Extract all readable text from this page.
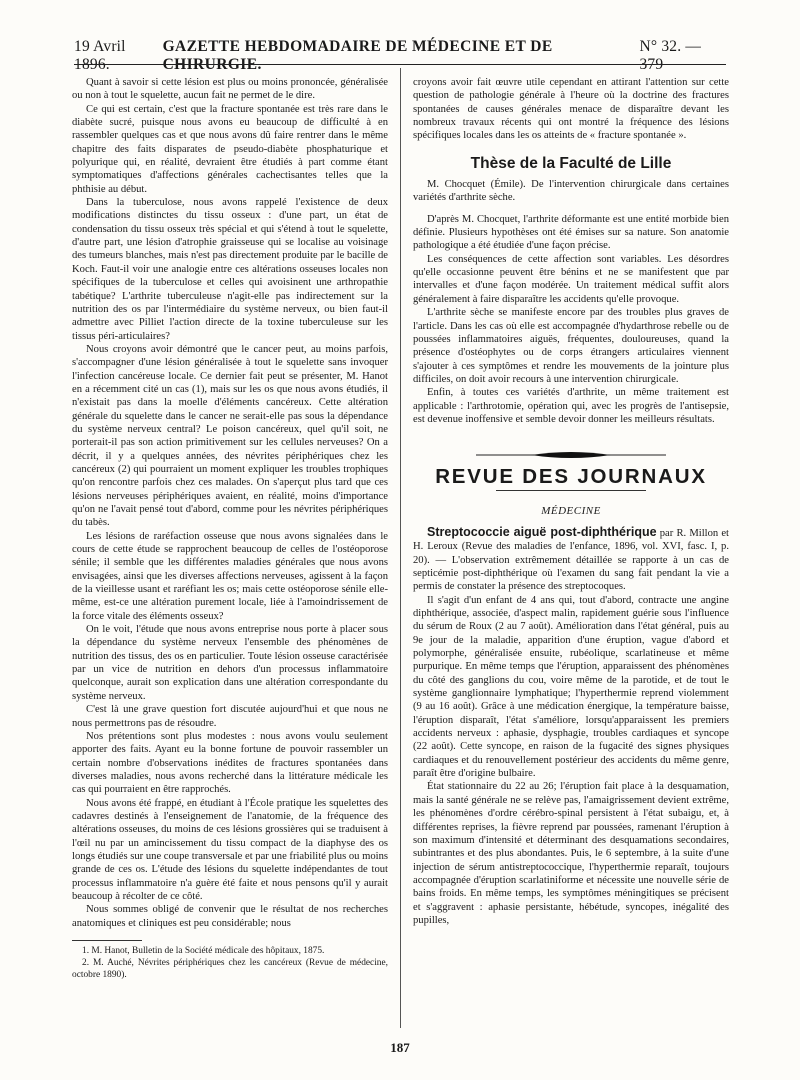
19 Avril 1896.
GAZETTE HEBDOMADAIRE DE MÉDECINE ET DE CHIRURGIE.
N° 32. — 379

Quant à savoir si cette lésion est plus ou moins prononcée, généralisée ou non à tout le squelette, aucun fait ne permet de le dire.

Ce qui est certain, c'est que la fracture spontanée est très rare dans le diabète sucré, puisque nous avons eu beaucoup de difficulté à en rassembler quelques cas et que nous avons dû faire rentrer dans le même chapitre des faits disparates de pseudo-diabète phosphaturique et polyurique qui, en réalité, devraient être étudiés à part comme étant symptomatiques d'affections générales cachectisantes telles que la phthisie au début.

Dans la tuberculose, nous avons rappelé l'existence de deux modifications distinctes du tissu osseux : d'une part, un état de condensation du tissu osseux très spécial et qui s'étend à tout le squelette, d'autre part, une lésion d'atrophie graisseuse qui se localise au voisinage des tumeurs blanches, mais n'est pas directement produite par le bacille de Koch. Faut-il voir une analogie entre ces altérations osseuses locales non spécifiques de la tuberculose et celles qui avoisinent une arthropathie tabétique? L'arthrite tuberculeuse n'agit-elle pas indirectement sur la nutrition des os par l'intermédiaire du système nerveux, ou bien faut-il admettre avec Pilliet l'action directe de la toxine tuberculeuse sur les tissus péri-articulaires?

Nous croyons avoir démontré que le cancer peut, au moins parfois, s'accompagner d'une lésion généralisée à tout le squelette sans invoquer l'infection cancéreuse locale. Ce dernier fait peut se présenter, M. Hanot en a récemment cité un cas (1), mais sur les os que nous avons étudiés, il n'existait pas dans la moelle d'éléments cancéreux. Cette altération générale du squelette dans le cancer ne serait-elle pas sous la dépendance du système nerveux central? Le poison cancéreux, quel qu'il soit, ne porterait-il pas son action primitivement sur les cellules nerveuses? On a décrit, il y a quelques années, des névrites périphériques chez les cancéreux (2) qui pourraient un moment expliquer les troubles trophiques qu'on rencontre parfois chez ces malades. On s'aperçut plus tard que ces lésions nerveuses périphériques avaient, en réalité, moins d'importance qu'on ne l'avait pensé tout d'abord, comme pour les névrites périphériques du tabès.

Les lésions de raréfaction osseuse que nous avons signalées dans le cours de cette étude se rapprochent beaucoup de celles de l'ostéoporose sénile; il semble que les différentes maladies générales que nous avons envisagées, ainsi que les diverses affections nerveuses, agissent à la façon de la vieillesse usant et raréfiant les os; mais cette ostéoporose sénile elle-même, est-ce une altération purement locale, liée à l'amoindrissement de la force vitale des éléments osseux?

On le voit, l'étude que nous avons entreprise nous porte à placer sous la dépendance du système nerveux l'ensemble des phénomènes de nutrition des tissus, des os en particulier. Toute lésion osseuse caractérisée par un vice de nutrition en dehors d'un processus inflammatoire quelconque, aurait son explication dans une altération correspondante du système nerveux.

C'est là une grave question fort discutée aujourd'hui et que nous ne nous permettrons pas de résoudre.

Nos prétentions sont plus modestes : nous avons voulu seulement apporter des faits. Ayant eu la bonne fortune de pouvoir rassembler un certain nombre d'observations inédites de fractures spontanées dans diverses maladies, nous avons recherché dans la littérature médicale les cas qui pourraient en être rapprochés.

Nous avons été frappé, en étudiant à l'École pratique les squelettes des cadavres destinés à l'enseignement de l'anatomie, de la fréquence des altérations osseuses, du moins de ces lésions grossières qui se traduisent à l'œil nu par un amincissement du tissu compact de la diaphyse des os longs étudiés sur une coupe transversale et par une friabilité plus ou moins grande de ces os. L'étude des lésions du squelette indépendantes de tout processus inflammatoire n'a guère été faite et nous pensons qu'il y aurait beaucoup à récolter de ce côté.

Nous sommes obligé de convenir que le résultat de nos recherches anatomiques et cliniques est peu considérable; nous

1. M. Hanot, Bulletin de la Société médicale des hôpitaux, 1875.

2. M. Auché, Névrites périphériques chez les cancéreux (Revue de médecine, octobre 1890).

croyons avoir fait œuvre utile cependant en attirant l'attention sur cette question de pathologie générale à l'heure où la doctrine des fractures spontanées de causes générales menace de disparaître devant les nombreux travaux récents qui ont montré la fréquence des lésions spécifiques locales dans les os atteints de « fracture spontanée ».

Thèse de la Faculté de Lille

M. Chocquet (Émile). De l'intervention chirurgicale dans certaines variétés d'arthrite sèche.

D'après M. Chocquet, l'arthrite déformante est une entité morbide bien définie. Plusieurs hypothèses ont été émises sur sa nature. Son anatomie pathologique a été étudiée d'une façon précise.

Les conséquences de cette affection sont variables. Les désordres qu'elle occasionne peuvent être bénins et ne se manifestent que par intervalles et d'une façon modérée. Un traitement médical suffit alors généralement à faire disparaître les accidents qu'elle provoque.

L'arthrite sèche se manifeste encore par des troubles plus graves de l'article. Dans les cas où elle est accompagnée d'hydarthrose rebelle ou de poussées inflammatoires aiguës, fréquentes, douloureuses, quand la présence d'ostéophytes ou de corps étrangers articulaires viennent s'ajouter à ces symptômes et rendre les mouvements de la jointure plus difficiles, on doit avoir recours à une intervention chirurgicale.

Enfin, à toutes ces variétés d'arthrite, un même traitement est applicable : l'arthrotomie, opération qui, avec les progrès de l'antisepsie, est devenue inoffensive et semble devoir donner les meilleurs résultats.

REVUE DES JOURNAUX
MÉDECINE

Streptococcie aiguë post-diphthérique par R. Millon et H. Leroux (Revue des maladies de l'enfance, 1896, vol. XVI, fasc. I, p. 20). — L'observation extrêmement détaillée se rapporte à un cas de septicémie post-diphthérique où l'examen du sang fait pendant la vie a permis de constater la présence des streptocoques.

Il s'agit d'un enfant de 4 ans qui, tout d'abord, contracte une angine diphthérique, associée, d'aspect malin, rapidement guérie sous l'influence du sérum de Roux (2 au 7 août). Amélioration dans l'état général, puis au 9e jour de la maladie, apparition d'une éruption, vague d'abord et polymorphe, généralisée ensuite, rubéolique, scarlatineuse et même purpurique. En même temps que l'éruption, apparaissent des phénomènes du côté des ganglions du cou, voire même de la parotide, et de tout le système ganglionnaire lymphatique; l'hyperthermie reprend violemment (9 au 16 août). Grâce à une médication énergique, la température baisse, l'éruption disparaît, l'état s'améliore, lorsqu'apparaissent les premiers accidents nerveux : aphasie, dysphagie, troubles cardiaques et syncope (22 août). Cette syncope, en raison de la fugacité des signes physiques cardiaques et du renouvellement postérieur des accidents du même genre, paraît être d'origine bulbaire.

État stationnaire du 22 au 26; l'éruption fait place à la desquamation, mais la santé générale ne se relève pas, l'amaigrissement devient extrême, les phénomènes d'ordre cérébro-spinal persistent à l'état subaigu, et, à différentes reprises, la fièvre reprend par poussées, ramenant l'éruption à son maximum d'intensité et déterminant des desquamations secondaires, subintrantes et des plus abondantes. Puis, le 6 septembre, à la suite d'une injection de sérum antistreptococcique, l'hyperthermie reparaît, toujours accompagnée d'éruption scarlatiniforme et nécessite une nouvelle série de bains froids. En même temps, les symptômes méningitiques se précisent et s'aggravent : aphasie persistante, hébétude, syncopes, inégalité des pupilles,

187
